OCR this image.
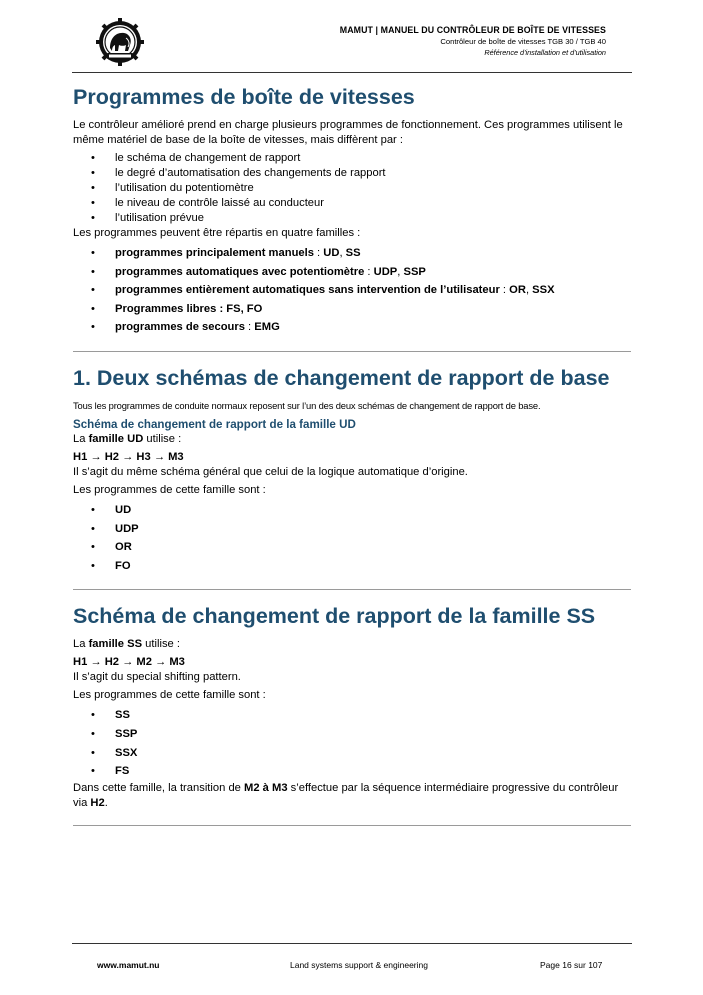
MAMUT | MANUEL DU CONTRÔLEUR DE BOÎTE DE VITESSES
Contrôleur de boîte de vitesses TGB 30 / TGB 40
Référence d'installation et d'utilisation
Programmes de boîte de vitesses

Le contrôleur amélioré prend en charge plusieurs programmes de fonctionnement. Ces programmes utilisent le même matériel de base de la boîte de vitesses, mais diffèrent par :

• le schéma de changement de rapport
• le degré d’automatisation des changements de rapport
• l’utilisation du potentiomètre
• le niveau de contrôle laissé au conducteur
• l’utilisation prévue

Les programmes peuvent être répartis en quatre familles :

• programmes principalement manuels : UD, SS
• programmes automatiques avec potentiomètre : UDP, SSP
• programmes entièrement automatiques sans intervention de l’utilisateur : OR, SSX
• Programmes libres : FS, FO
• programmes de secours : EMG
1. Deux schémas de changement de rapport de base

Tous les programmes de conduite normaux reposent sur l’un des deux schémas de changement de rapport de base.

Schéma de changement de rapport de la famille UD

La famille UD utilise :

H1 → H2 → H3 → M3

Il s’agit du même schéma général que celui de la logique automatique d’origine.

Les programmes de cette famille sont :

• UD
• UDP
• OR
• FO
Schéma de changement de rapport de la famille SS

La famille SS utilise :

H1 → H2 → M2 → M3

Il s’agit du special shifting pattern.

Les programmes de cette famille sont :

• SS
• SSP
• SSX
• FS

Dans cette famille, la transition de M2 à M3 s’effectue par la séquence intermédiaire progressive du contrôleur via H2.

www.mamut.nu	Land systems support & engineering	Page 16 sur 107
